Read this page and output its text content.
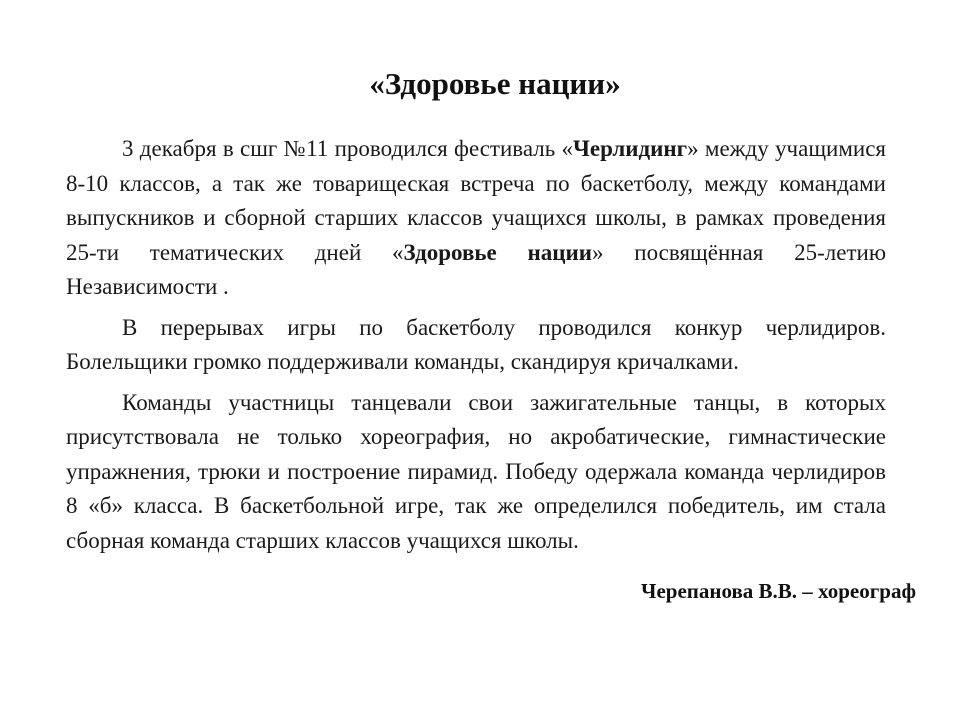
«Здоровье нации»

3 декабря в сшг №11 проводился фестиваль «Черлидинг» между учащимися 8-10 классов, а так же товарищеская встреча по баскетболу, между командами выпускников и сборной старших классов учащихся школы, в рамках проведения 25-ти тематических дней «Здоровье нации» посвящённая 25-летию Независимости .

В перерывах игры по баскетболу проводился конкур черлидиров. Болельщики громко поддерживали команды, скандируя кричалками.

Команды участницы танцевали свои зажигательные танцы, в которых присутствовала не только хореография, но акробатические, гимнастические упражнения, трюки и построение пирамид. Победу одержала команда черлидиров 8 «б» класса. В баскетбольной игре, так же определился победитель, им стала сборная команда старших классов учащихся школы.

Черепанова В.В. – хореограф
